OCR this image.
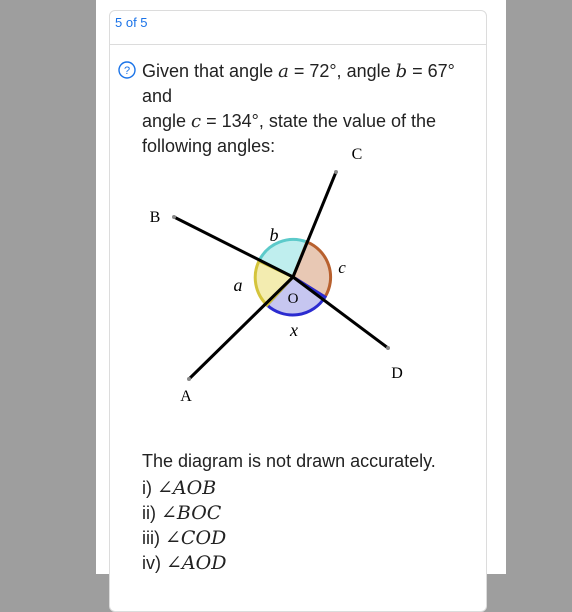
5 of 5
? Given that angle a = 72°, angle b = 67° and
angle c = 134°, state the value of the
following angles:
B
C
D
A
O
b
c
a
x
The diagram is not drawn accurately.
i) ∠AOB
ii) ∠BOC
iii) ∠COD
iv) ∠AOD
